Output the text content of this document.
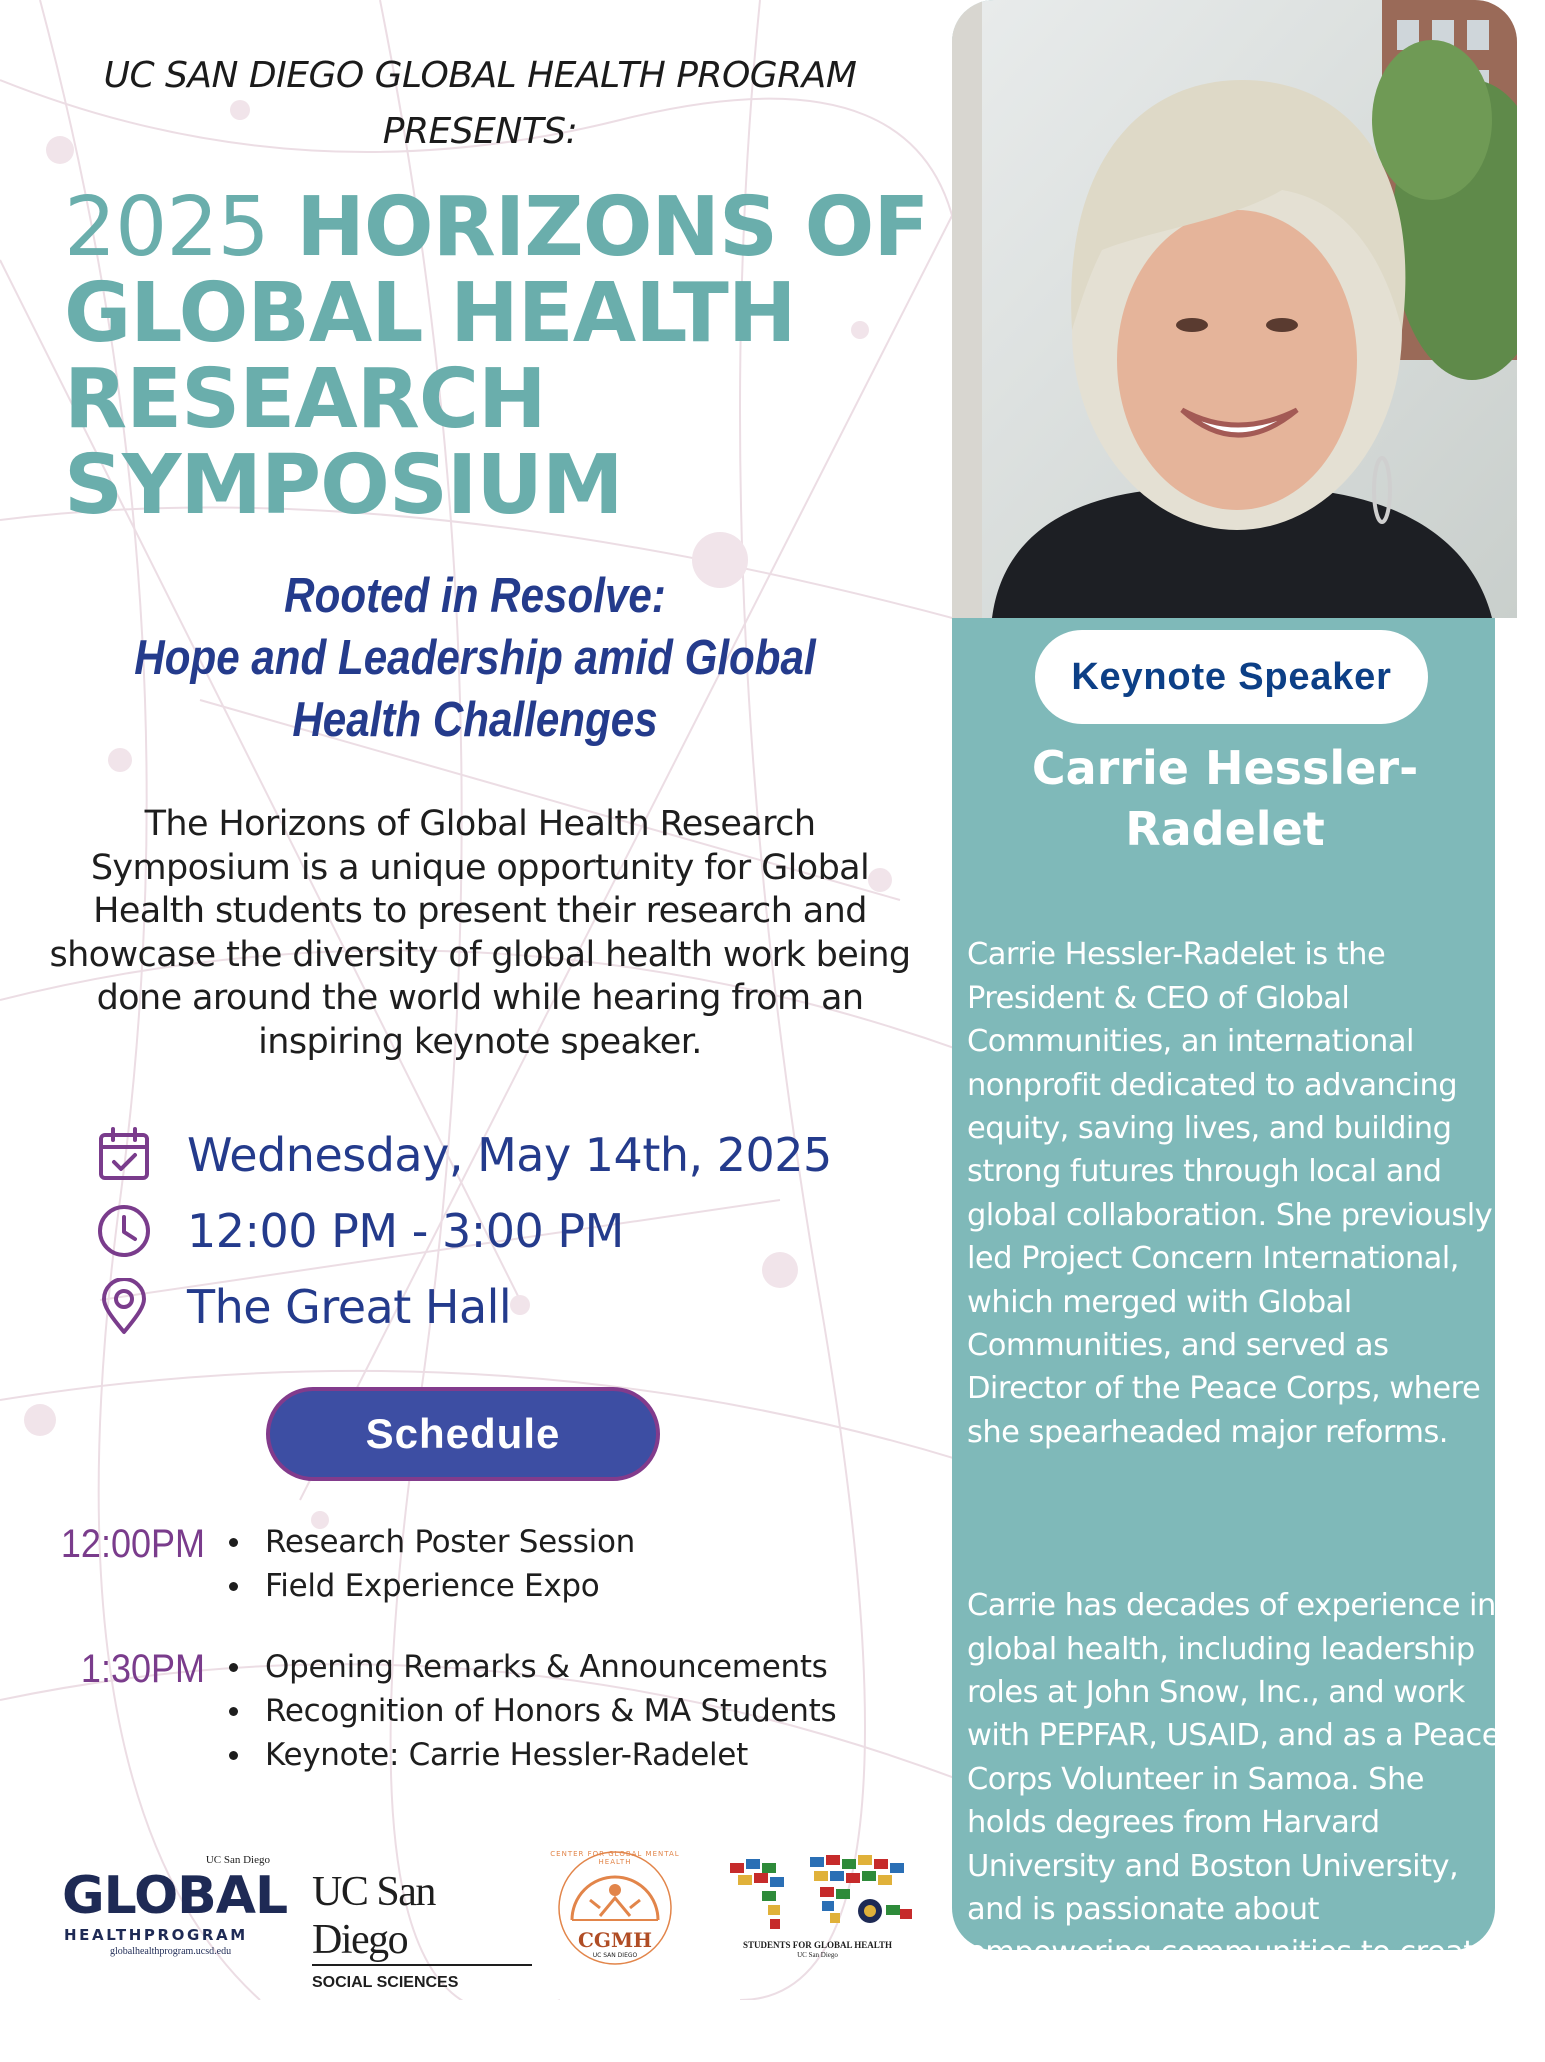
UC SAN DIEGO GLOBAL HEALTH PROGRAM PRESENTS:
2025 HORIZONS OF GLOBAL HEALTH RESEARCH SYMPOSIUM
Rooted in Resolve:
Hope and Leadership amid Global Health Challenges
The Horizons of Global Health Research Symposium is a unique opportunity for Global Health students to present their research and showcase the diversity of global health work being done around the world while hearing from an inspiring keynote speaker.
Wednesday, May 14th, 2025
12:00 PM - 3:00 PM
The Great Hall
Schedule
12:00PM	Research Poster Session
Field Experience Expo
1:30PM	Opening Remarks & Announcements
Recognition of Honors & MA Students
Keynote: Carrie Hessler-Radelet
Keynote Speaker
Carrie Hessler-Radelet

Carrie Hessler-Radelet is the President & CEO of Global Communities, an international nonprofit dedicated to advancing equity, saving lives, and building strong futures through local and global collaboration. She previously led Project Concern International, which merged with Global Communities, and served as Director of the Peace Corps, where she spearheaded major reforms.

Carrie has decades of experience in global health, including leadership roles at John Snow, Inc., and work with PEPFAR, USAID, and as a Peace Corps Volunteer in Samoa. She holds degrees from Harvard University and Boston University, and is passionate about empowering communities to create sustainable change.

UC San Diego
GLOBAL
HEALTHPROGRAM
globalhealthprogram.ucsd.edu
UC San Diego
SOCIAL SCIENCES
CENTER FOR GLOBAL MENTAL HEALTH
CGMH
UC SAN DIEGO
STUDENTS FOR GLOBAL HEALTH
UC San Diego
